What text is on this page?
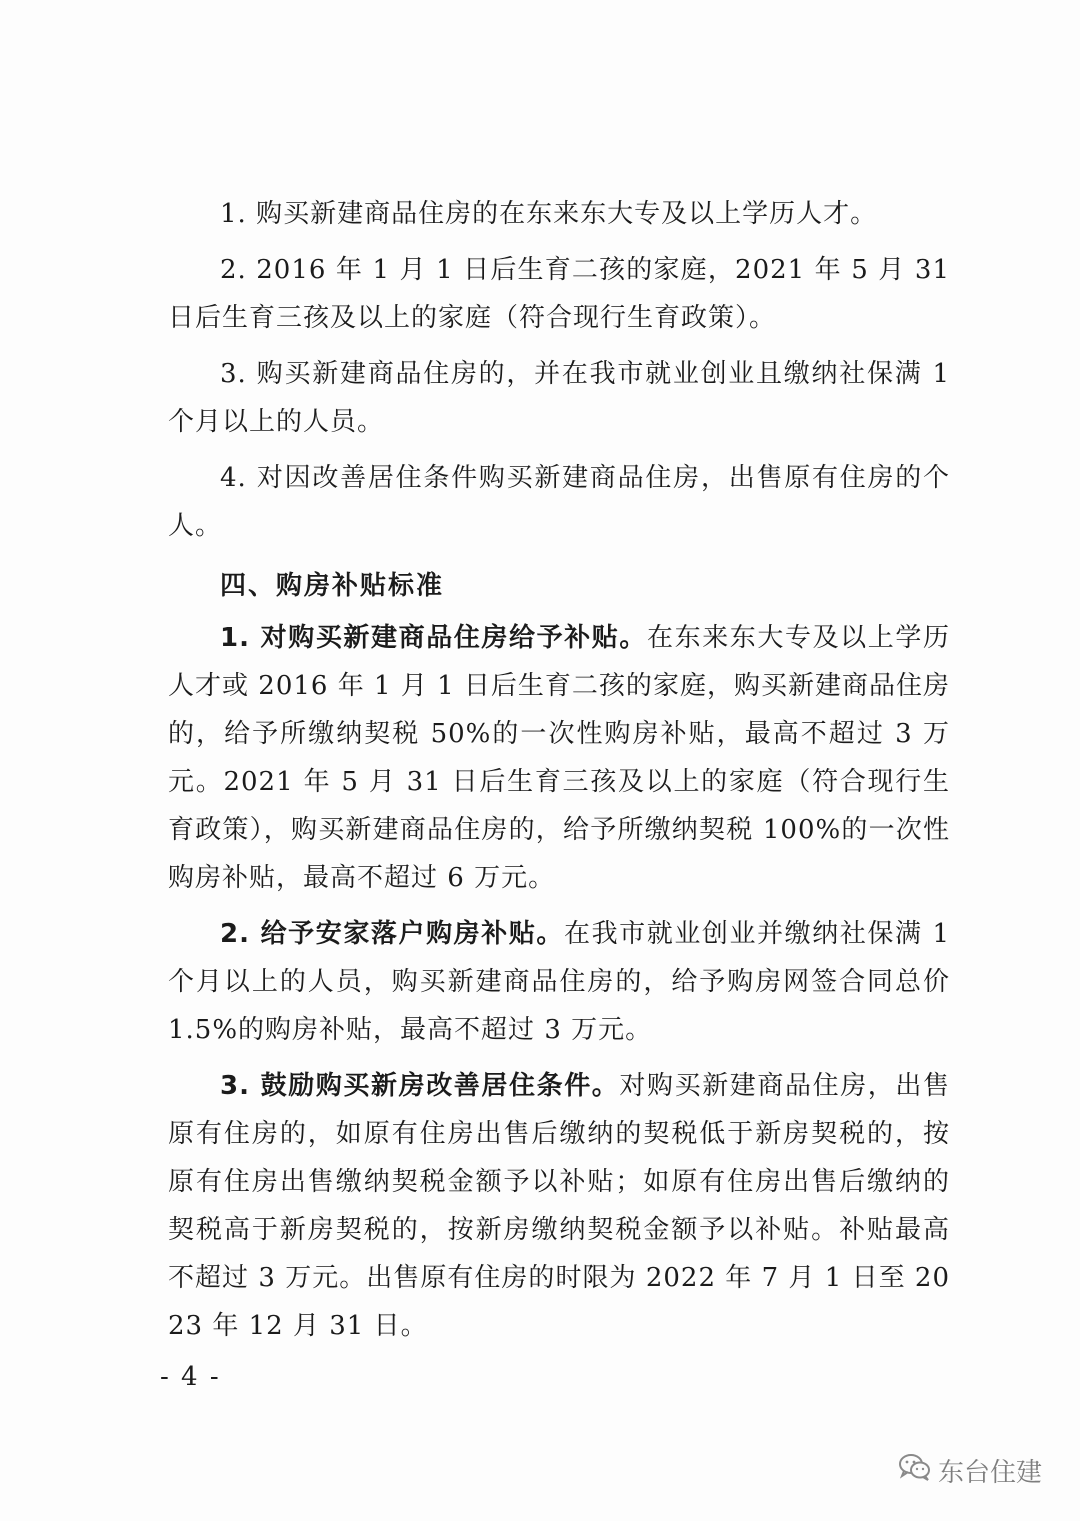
1. 购买新建商品住房的在东来东大专及以上学历人才。

2. 2016 年 1 月 1 日后生育二孩的家庭，2021 年 5 月 31 日后生育三孩及以上的家庭（符合现行生育政策）。

3. 购买新建商品住房的，并在我市就业创业且缴纳社保满 1 个月以上的人员。

4. 对因改善居住条件购买新建商品住房，出售原有住房的个人。

四、购房补贴标准

1. 对购买新建商品住房给予补贴。在东来东大专及以上学历人才或 2016 年 1 月 1 日后生育二孩的家庭，购买新建商品住房的，给予所缴纳契税 50%的一次性购房补贴，最高不超过 3 万元。2021 年 5 月 31 日后生育三孩及以上的家庭（符合现行生育政策），购买新建商品住房的，给予所缴纳契税 100%的一次性购房补贴，最高不超过 6 万元。

2. 给予安家落户购房补贴。在我市就业创业并缴纳社保满 1 个月以上的人员，购买新建商品住房的，给予购房网签合同总价 1.5%的购房补贴，最高不超过 3 万元。

3. 鼓励购买新房改善居住条件。对购买新建商品住房，出售原有住房的，如原有住房出售后缴纳的契税低于新房契税的，按原有住房出售缴纳契税金额予以补贴；如原有住房出售后缴纳的契税高于新房契税的，按新房缴纳契税金额予以补贴。补贴最高不超过 3 万元。出售原有住房的时限为 2022 年 7 月 1 日至 2023 年 12 月 31 日。

- 4 -
东台住建
